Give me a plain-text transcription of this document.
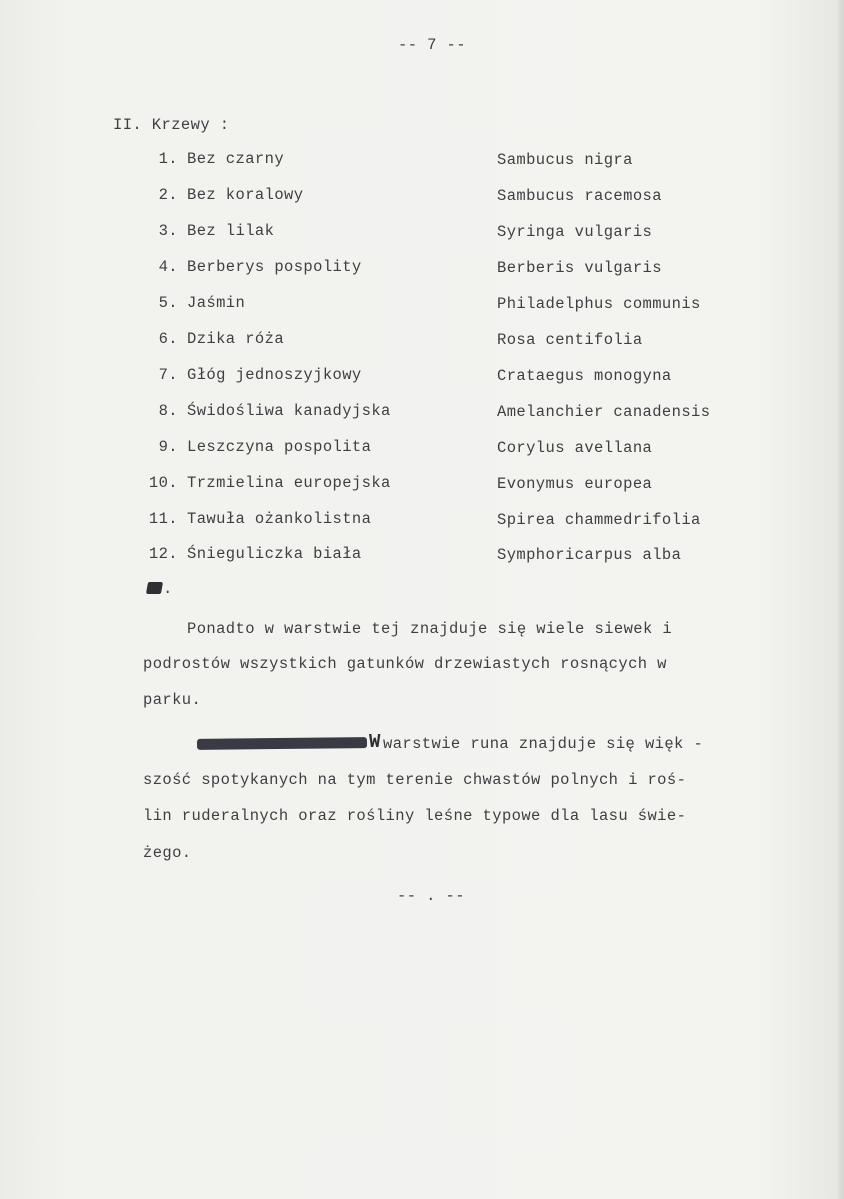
-- 7 --
II. Krzewy :
1. Bez czarny	Sambucus nigra
2. Bez koralowy	Sambucus racemosa
3. Bez lilak	Syringa vulgaris
4. Berberys pospolity	Berberis vulgaris
5. Jaśmin	Philadelphus communis
6. Dzika róża	Rosa centifolia
7. Głóg jednoszyjkowy	Crataegus monogyna
8. Świdośliwa kanadyjska	Amelanchier canadensis
9. Leszczyna pospolita	Corylus avellana
10. Trzmielina europejska	Evonymus europea
11. Tawuła ożankolistna	Spirea chammedrifolia
12. Śnieguliczka biała	Symphoricarpus alba
.
Ponadto w warstwie tej znajduje się wiele siewek i
podrostów wszystkich gatunków drzewiastych rosnących w
parku.
W warstwie runa znajduje się więk -
szość spotykanych na tym terenie chwastów polnych i roś-
lin ruderalnych oraz rośliny leśne typowe dla lasu świe-
żego.
-- . --
